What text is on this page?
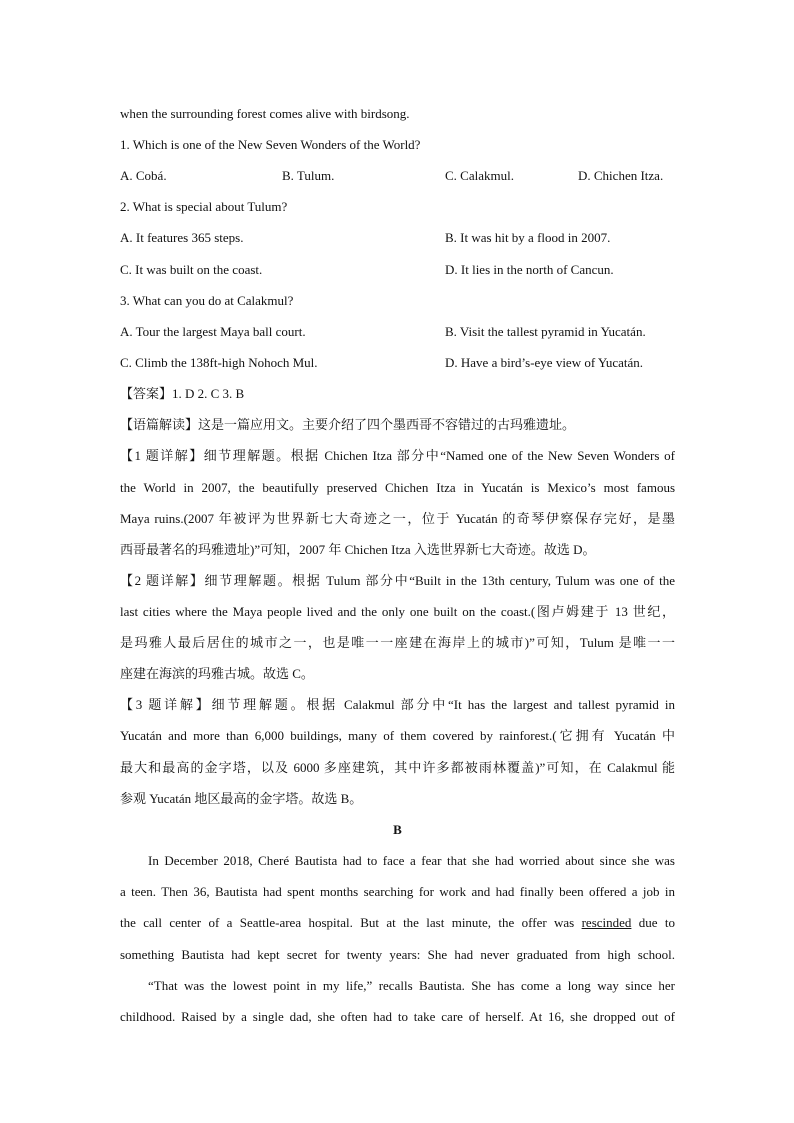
when the surrounding forest comes alive with birdsong.
1. Which is one of the New Seven Wonders of the World?
A. Cobá.	B. Tulum.	C. Calakmul.	D. Chichen Itza.
2. What is special about Tulum?
A. It features 365 steps.	B. It was hit by a flood in 2007.
C. It was built on the coast.	D. It lies in the north of Cancun.
3. What can you do at Calakmul?
A. Tour the largest Maya ball court.	B. Visit the tallest pyramid in Yucatán.
C. Climb the 138ft-high Nohoch Mul.	D. Have a bird’s-eye view of Yucatán.
【答案】1. D 2. C 3. B
【语篇解读】这是一篇应用文。主要介绍了四个墨西哥不容错过的古玛雅遗址。
【1 题详解】细节理解题。根据 Chichen Itza 部分中“Named one of the New Seven Wonders of
the World in 2007, the beautifully preserved Chichen Itza in Yucatán is Mexico’s most famous
Maya ruins.(2007 年被评为世界新七大奇迹之一，位于 Yucatán 的奇琴伊察保存完好，是墨
西哥最著名的玛雅遗址)”可知，2007 年 Chichen Itza 入选世界新七大奇迹。故选 D。
【2 题详解】细节理解题。根据 Tulum 部分中“Built in the 13th century, Tulum was one of the
last cities where the Maya people lived and the only one built on the coast.(图卢姆建于 13 世纪，
是玛雅人最后居住的城市之一，也是唯一一座建在海岸上的城市)”可知，Tulum 是唯一一
座建在海滨的玛雅古城。故选 C。
【3 题详解】细节理解题。根据 Calakmul 部分中“It has the largest and tallest pyramid in
Yucatán and more than 6,000 buildings, many of them covered by rainforest.(它拥有 Yucatán 中
最大和最高的金字塔，以及 6000 多座建筑，其中许多都被雨林覆盖)”可知，在 Calakmul 能
参观 Yucatán 地区最高的金字塔。故选 B。
B
In December 2018, Cheré Bautista had to face a fear that she had worried about since she was
a teen. Then 36, Bautista had spent months searching for work and had finally been offered a job in
the call center of a Seattle-area hospital. But at the last minute, the offer was rescinded due to
something Bautista had kept secret for twenty years: She had never graduated from high school.
“That was the lowest point in my life,” recalls Bautista. She has come a long way since her
childhood. Raised by a single dad, she often had to take care of herself. At 16, she dropped out of
